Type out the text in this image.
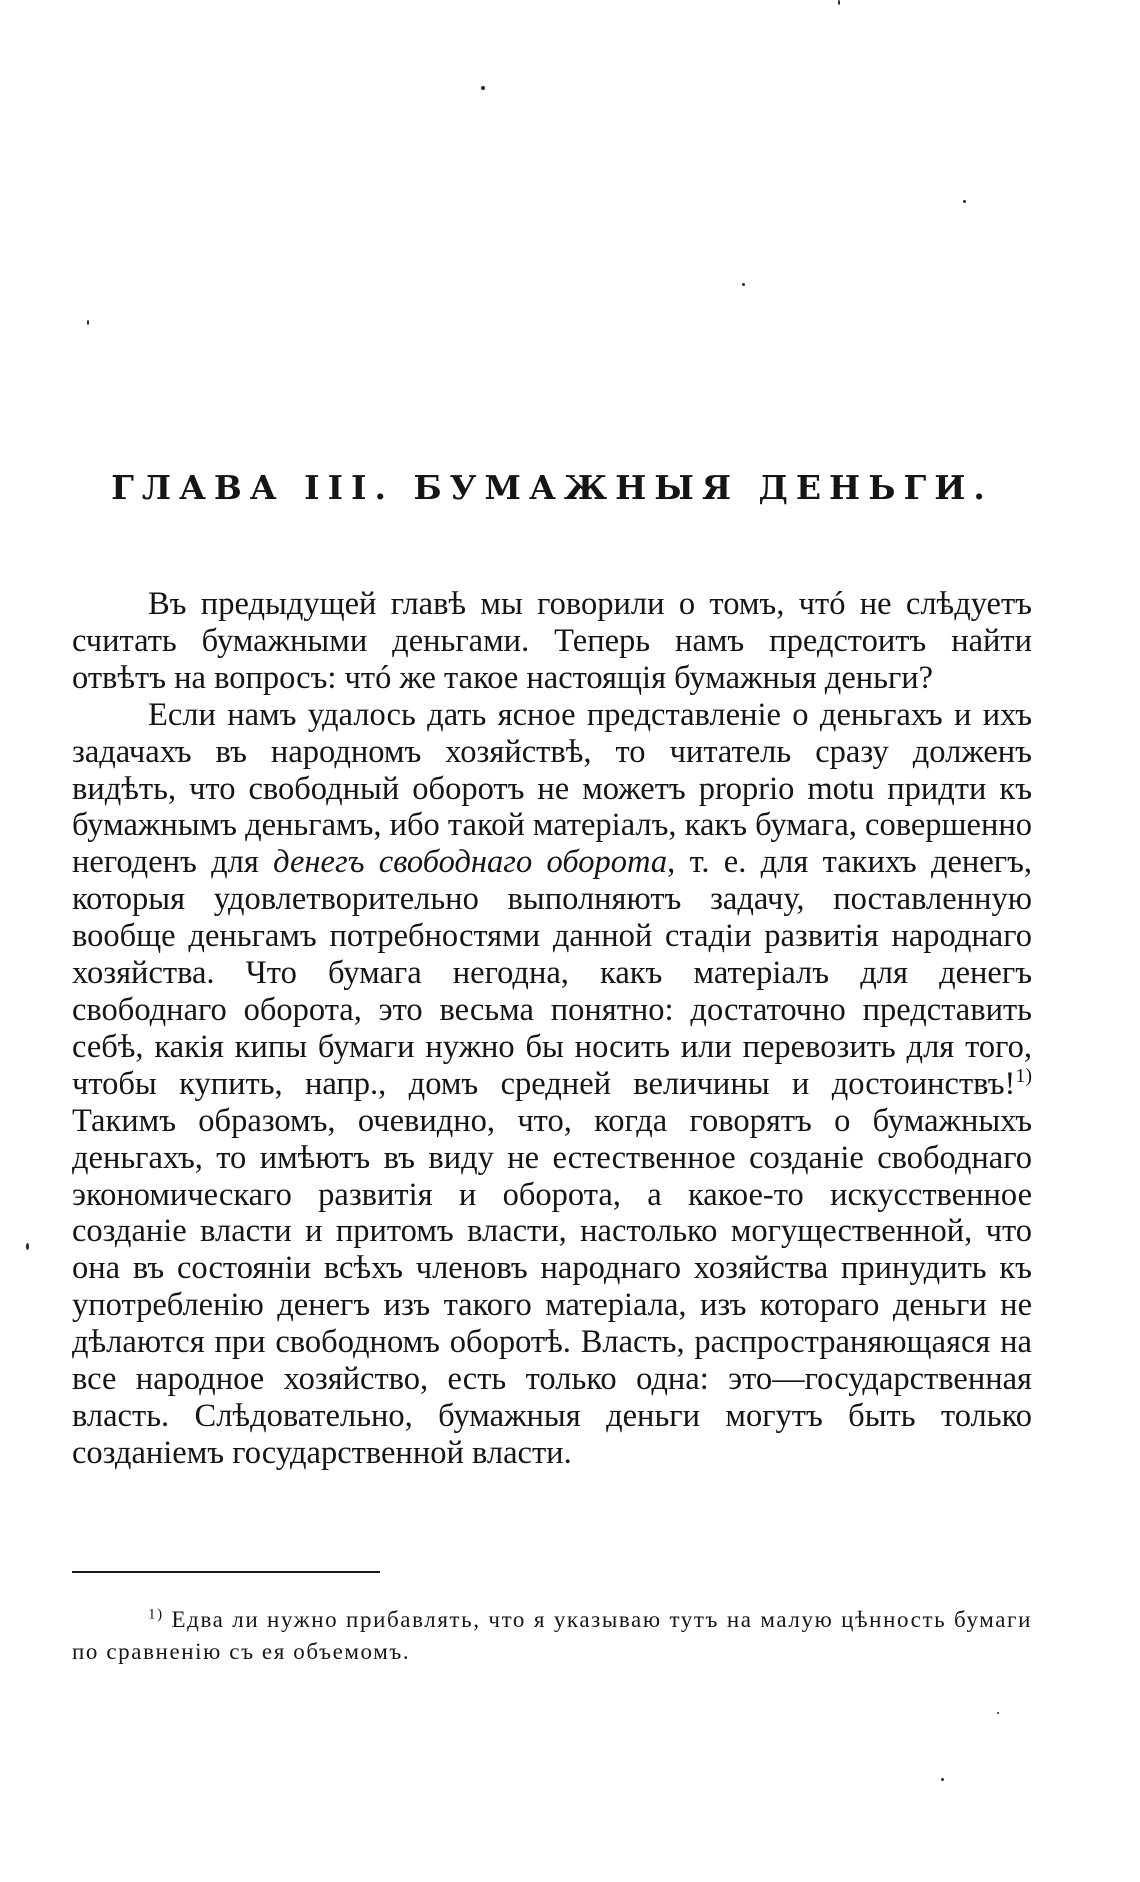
ГЛАВА III. БУМАЖНЫЯ ДЕНЬГИ.

Въ предыдущей главѣ мы говорили о томъ, чтó не слѣдуетъ считать бумажными деньгами. Теперь намъ предстоитъ найти отвѣтъ на вопросъ: чтó же такое настоящія бумажныя деньги?

Если намъ удалось дать ясное представленіе о деньгахъ и ихъ задачахъ въ народномъ хозяйствѣ, то читатель сразу долженъ видѣть, что свободный оборотъ не можетъ proprio motu придти къ бумажнымъ деньгамъ, ибо такой матеріалъ, какъ бумага, совершенно негоденъ для денегъ свободнаго оборота, т. е. для такихъ денегъ, которыя удовлетворительно выполняютъ задачу, поставленную вообще деньгамъ потребностями данной стадіи развитія народнаго хозяйства. Что бумага негодна, какъ матеріалъ для денегъ свободнаго оборота, это весьма понятно: достаточно представить себѣ, какія кипы бумаги нужно бы носить или перевозить для того, чтобы купить, напр., домъ средней величины и достоинствъ!$^{1)}$ Такимъ образомъ, очевидно, что, когда говорятъ о бумажныхъ деньгахъ, то имѣютъ въ виду не естественное созданіе свободнаго экономическаго развитія и оборота, а какое-то искусственное созданіе власти и притомъ власти, настолько могущественной, что она въ состояніи всѣхъ членовъ народнаго хозяйства принудить къ употребленію денегъ изъ такого матеріала, изъ котораго деньги не дѣлаются при свободномъ оборотѣ. Власть, распространяющаяся на все народное хозяйство, есть только одна: это—государственная власть. Слѣдовательно, бумажныя деньги могутъ быть только созданіемъ государственной власти.

$^{1)}$ Едва ли нужно прибавлять, что я указываю тутъ на малую цѣнность бумаги по сравненію съ ея объемомъ.
